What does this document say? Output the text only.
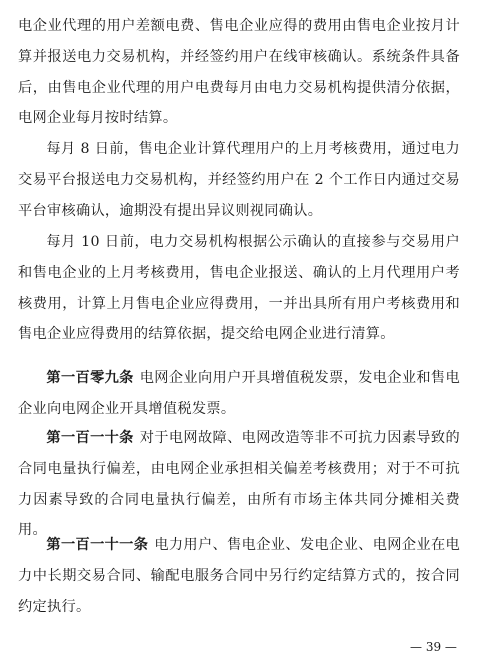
电企业代理的用户差额电费、售电企业应得的费用由售电企业按月计算并报送电力交易机构，并经签约用户在线审核确认。系统条件具备后，由售电企业代理的用户电费每月由电力交易机构提供清分依据，电网企业每月按时结算。

每月 8 日前，售电企业计算代理用户的上月考核费用，通过电力交易平台报送电力交易机构，并经签约用户在 2 个工作日内通过交易平台审核确认，逾期没有提出异议则视同确认。

每月 10 日前，电力交易机构根据公示确认的直接参与交易用户和售电企业的上月考核费用，售电企业报送、确认的上月代理用户考核费用，计算上月售电企业应得费用，一并出具所有用户考核费用和售电企业应得费用的结算依据，提交给电网企业进行清算。

第一百零九条 电网企业向用户开具增值税发票，发电企业和售电企业向电网企业开具增值税发票。

第一百一十条 对于电网故障、电网改造等非不可抗力因素导致的合同电量执行偏差，由电网企业承担相关偏差考核费用；对于不可抗力因素导致的合同电量执行偏差，由所有市场主体共同分摊相关费用。

第一百一十一条 电力用户、售电企业、发电企业、电网企业在电力中长期交易合同、输配电服务合同中另行约定结算方式的，按合同约定执行。

— 39 —
